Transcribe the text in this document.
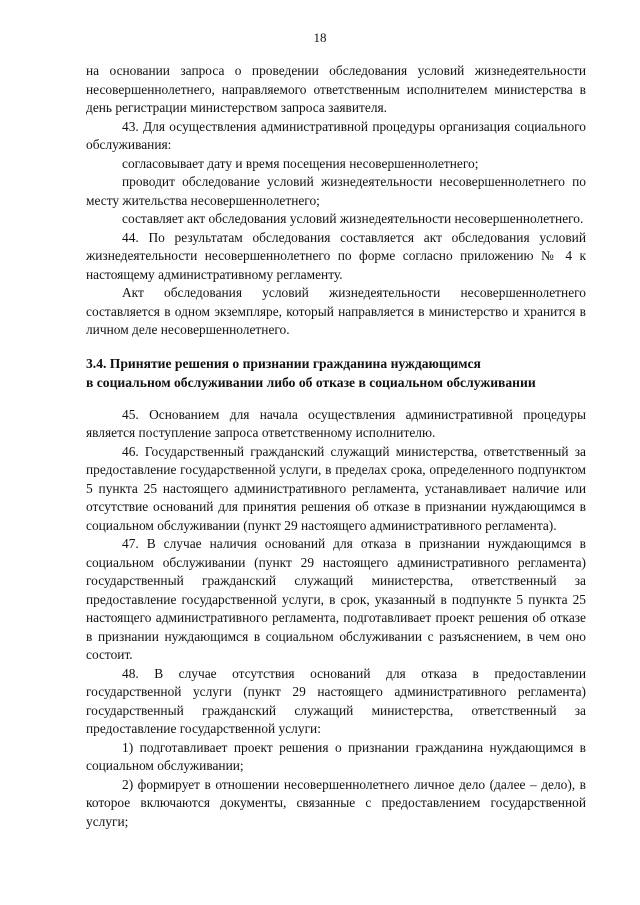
18

на основании запроса о проведении обследования условий жизнедеятельности несовершеннолетнего, направляемого ответственным исполнителем министерства в день регистрации министерством запроса заявителя.

43. Для осуществления административной процедуры организация социального обслуживания:

согласовывает дату и время посещения несовершеннолетнего;

проводит обследование условий жизнедеятельности несовершеннолетнего по месту жительства несовершеннолетнего;

составляет акт обследования условий жизнедеятельности несовершеннолетнего.

44. По результатам обследования составляется акт обследования условий жизнедеятельности несовершеннолетнего по форме согласно приложению № 4 к настоящему административному регламенту.

Акт обследования условий жизнедеятельности несовершеннолетнего составляется в одном экземпляре, который направляется в министерство и хранится в личном деле несовершеннолетнего.

3.4. Принятие решения о признании гражданина нуждающимся

в социальном обслуживании либо об отказе в социальном обслуживании

45. Основанием для начала осуществления административной процедуры является поступление запроса ответственному исполнителю.

46. Государственный гражданский служащий министерства, ответственный за предоставление государственной услуги, в пределах срока, определенного подпунктом 5 пункта 25 настоящего административного регламента, устанавливает наличие или отсутствие оснований для принятия решения об отказе в признании нуждающимся в социальном обслуживании (пункт 29 настоящего административного регламента).

47. В случае наличия оснований для отказа в признании нуждающимся в социальном обслуживании (пункт 29 настоящего административного регламента) государственный гражданский служащий министерства, ответственный за предоставление государственной услуги, в срок, указанный в подпункте 5 пункта 25 настоящего административного регламента, подготавливает проект решения об отказе в признании нуждающимся в социальном обслуживании с разъяснением, в чем оно состоит.

48. В случае отсутствия оснований для отказа в предоставлении государственной услуги (пункт 29 настоящего административного регламента) государственный гражданский служащий министерства, ответственный за предоставление государственной услуги:

1) подготавливает проект решения о признании гражданина нуждающимся в социальном обслуживании;

2) формирует в отношении несовершеннолетнего личное дело (далее – дело), в которое включаются документы, связанные с предоставлением государственной услуги;
